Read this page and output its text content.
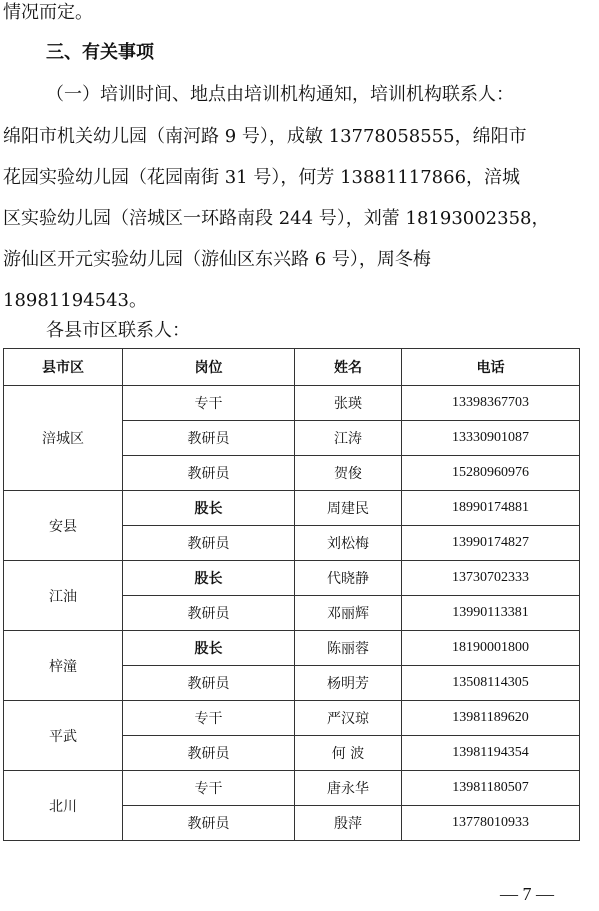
情况而定。
三、有关事项
（一）培训时间、地点由培训机构通知，培训机构联系人：
绵阳市机关幼儿园（南河路 9 号），成敏 13778058555，绵阳市
花园实验幼儿园（花园南街 31 号），何芳 13881117866，涪城
区实验幼儿园（涪城区一环路南段 244 号），刘蕾 18193002358，
游仙区开元实验幼儿园（游仙区东兴路 6 号），周冬梅
18981194543。
各县市区联系人：
县市区	岗位	姓名	电话
涪城区	专干	张瑛	13398367703
	教研员	江涛	13330901087
	教研员	贺俊	15280960976
安县	股长	周建民	18990174881
	教研员	刘松梅	13990174827
江油	股长	代晓静	13730702333
	教研员	邓丽辉	13990113381
梓潼	股长	陈丽蓉	18190001800
	教研员	杨明芳	13508114305
平武	专干	严汉琼	13981189620
	教研员	何 波	13981194354
北川	专干	唐永华	13981180507
	教研员	殷萍	13778010933
— 7 —
